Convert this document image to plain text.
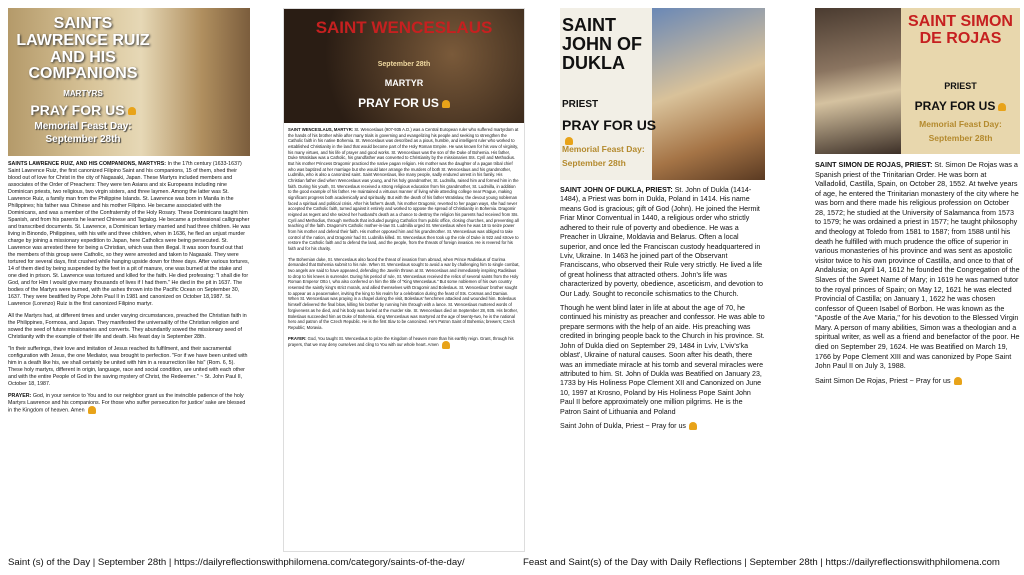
SAINTS LAWRENCE RUIZ AND HIS COMPANIONS
MARTYRS
PRAY FOR US
Memorial Feast Day:
September 28th

SAINTS LAWRENCE RUIZ, AND HIS COMPANIONS, MARTYRS: In the 17th century (1633-1637) Saint Lawrence Ruiz, the first canonized Filipino Saint and his companions, 15 of them, shed their blood out of love for Christ in the city of Nagasaki, Japan. These Martyrs included members and associates of the Order of Preachers: They were ten Asians and six Europeans including nine Dominican priests, two religious, two virgin sisters, and three laymen. Among the latter was St. Lawrence Ruiz, a family man from the Philippine Islands. St. Lawrence was born in Manila in the Philippines; his father was Chinese and his mother Filipino. He became associated with the Dominicans, and was a member of the Confraternity of the Holy Rosary. These Dominicans taught him Spanish, and from his parents he learned Chinese and Tagalog. He became a professional calligrapher and transcribed documents. St. Lawrence, a Dominican tertiary married and had three children. He was living in Binondo, Philippines, with his wife and three children, when in 1636, he fled an unjust murder charge by joining a missionary expedition to Japan, here Catholics were being persecuted. St. Lawrence was arrested there for being a Christian, which was then illegal. It was soon found out that the members of this group were Catholic, so they were arrested and taken to Nagasaki. They were tortured for several days, first crushed while hanging upside down for three days. After various tortures, 14 of them died by being suspended by the feet in a pit of manure, one was burned at the stake and one died in prison. St. Lawrence was tortured and killed for the faith. He died professing: "I shall die for God, and for Him I would give many thousands of lives if I had them." He died in the pit in 1637. The bodies of the Martyrs were burned, with the ashes thrown into the Pacific Ocean on September 30, 1637. They were beatified by Pope John Paul II in 1981 and canonized on October 18,1987. St. Lawrence (Lorenzo) Ruiz is the first canonized Filipino martyr.

All the Martyrs had, at different times and under varying circumstances, preached the Christian faith in the Philippines, Formosa, and Japan. They manifested the universality of the Christian religion and sowed the seed of future missionaries and converts. They abundantly sowed the missionary seed of Christianity with the example of their life and death. His feast day is September 28th.

"In their sufferings, their love and imitation of Jesus reached its fulfilment, and their sacramental configuration with Jesus, the one Mediator, was brought to perfection. "For if we have been united with him in a death like his, we shall certainly be united with him in a resurrection like his" (Rom. 6, 5). These holy martyrs, different in origin, language, race and social condition, are united with each other and with the entire People of God in the saving mystery of Christ, the Redeemer." ~ St. John Paul II, October 18, 1987.

PRAYER: God, in your service to You and to our neighbor grant us the invincible patience of the holy Martyrs Lawrence and his companions. For those who suffer persecution for justice' sake are blessed in the Kingdom of heaven. Amen

SAINT WENCESLAUS
September 28th
MARTYR
PRAY FOR US

SAINT WENCESLAUS, MARTYR: St. Wenceslaus (907-935 A.D.) was a Central European ruler who suffered martyrdom at the hands of his brother while after many trials in governing and evangelizing his people and seeking to strengthen the Catholic faith in his native Bohemia. St. Wenceslaus was described as a pious, humble, and intelligent ruler who worked to established Christianity in the land that would become part of the Holy Roman Empire. He was known for his vow of virginity, his many virtues, and his life of prayer and good works. St. Wenceslaus was the son of the Duke of Bohemia. His father, Duke Wratislaw was a Catholic, his grandfather was converted to Christianity by the missionaries Sts. Cyril and Methodius. But his mother Princess Dragomir practiced the native pagan religion. His mother was the daughter of a pagan tribal chief who was baptized at her marriage but she would later arrange the murders of both St. Wenceslaus and his grandmother, Ludmilla, who is also a canonized saint. Saint Wenceslaus, like many people, sadly endured unrest in his family. His Christian father died when Wenceslaus was young, and his holy grandmother, St. Ludmilla, raised him and formed him in the faith. During his youth, St. Wenceslaus received a strong religious education from his grandmother, St. Ludmilla, in addition to the good example of his father. He maintained a virtuous manner of living while attending college near Prague, making significant progress both academically and spiritually. But with the death of his father Wratislaw, the devout young nobleman faced a spiritual and political crisis. After his father's death, his mother Dragomir, reverted to her pagan ways, she had never accepted the Catholic faith, turned against it entirely and worked to oppose the spread of Christianity in Bohemia. Dragomir reigned as regent and she seized her husband's death as a chance to destroy the religion his parents had received from Sts. Cyril and Methodius, through methods that included purging Catholics from public office, closing churches, and preventing all teaching of the faith. Dragomir's Catholic mother-in-law St. Ludmilla urged St. Wenceslaus when he was 18 to seize power from his mother and defend their faith. His mother opposed him and his grandmother. St. Wenceslaus was obliged to take control of the nation, and Dragomir had St. Ludmilla killed. St. Wenceslaus then took up the role of Duke in 922 and strove to restore the Catholic faith and to defend the land, and the people, from the threats of foreign invasion. He is revered for his faith and for his charity.

The Bohemian duke, St. Wenceslaus also faced the threat of invasion from abroad, when Prince Radislaus of Gurima demanded that Bohemia submit to his rule. When St. Wenceslaus sought to avoid a war by challenging him to single combat, two angels are said to have appeared, defending the Javelin thrown at St. Wenceslaus and immediately inspiring Radislaus to drop to his knees in surrender. During his period of rule, St. Wenceslaus received the relics of several saints from the Holy Roman Emperor Otto I, who also conferred on him the title of "King Wenceslaus." But some noblemen of his own country resented the saintly king's strict morals, and allied themselves with Dragomir and Boleslaus. St. Wenceslaus' brother sought to appear as a peacemaker, inviting the king to his realm for a celebration during the feast of Sts. Cosmas and Damian. When St. Wenceslaus was praying in a chapel during the visit, Boleslaus' henchmen attacked and wounded him. Boleslaus himself delivered the final blow, killing his brother by running him through with a lance. St. Wenceslaus muttered words of forgiveness as he died, and his body was buried at the murder site. St. Wenceslaus died on September 28, 935. His brother, Boleslaus succeeded him as Duke of Bohemia. King Wenceslaus was martyred at the age of twenty-two, he is the national hero and patron of the Czech Republic. He is the first Slav to be canonized. He's Patron Saint of Bohemia; brewers; Czech Republic; Moravia.

PRAYER: God, You taught St. Wenceslaus to prize the Kingdom of heaven more than his earthly reign. Grant, through his prayers, that we may deny ourselves and cling to You with our whole heart. Amen

SAINT JOHN OF DUKLA
PRIEST
PRAY FOR US
Memorial Feast Day:
September 28th

SAINT JOHN OF DUKLA, PRIEST: St. John of Dukla (1414- 1484), a Priest was born in Dukla, Poland in 1414. His name means God is gracious; gift of God (John). He joined the Hermit Friar Minor Conventual in 1440, a religious order who strictly adhered to their rule of poverty and obedience. He was a Preacher in Ukraine, Moldavia and Belarus. Often a local superior, and once led the Franciscan custody headquartered in Lviv, Ukraine. In 1463 he joined part of the Observant Franciscans, who observed their Rule very strictly. He lived a life of great holiness that attracted others. John's life was characterized by poverty, obedience, asceticism, and devotion to Our Lady. Sought to reconcile schismatics to the Church.

Though he went blind later in life at about the age of 70, he continued his ministry as preacher and confessor. He was able to prepare sermons with the help of an aide. His preaching was credited in bringing people back to the Church in his province. St. John of Dukla died on September 29, 1484 in Lviv, L'viv's'ka oblast', Ukraine of natural causes. Soon after his death, there was an immediate miracle at his tomb and several miracles were attributed to him. St. John of Dukla was Beatified on January 23, 1733 by His Holiness Pope Clement XII and Canonized on June 10, 1997 at Krosno, Poland by His Holiness Pope Saint John Paul II before approximately one million pilgrims. He is the Patron Saint of Lithuania and Poland

Saint John of Dukla, Priest ~ Pray for us

SAINT SIMON DE ROJAS
PRIEST
PRAY FOR US
Memorial Feast Day:
September 28th

SAINT SIMON DE ROJAS, PRIEST: St. Simon De Rojas was a Spanish priest of the Trinitarian Order. He was born at Valladolid, Castilla, Spain, on October 28, 1552. At twelve years of age, he entered the Trinitarian monastery of the city where he was born and there made his religious profession on October 28, 1572; he studied at the University of Salamanca from 1573 to 1579; he was ordained a priest in 1577; he taught philosophy and theology at Toledo from 1581 to 1587; from 1588 until his death he fulfilled with much prudence the office of superior in various monasteries of his province and was sent as apostolic visitor twice to his own province of Castilla, and once to that of Andalusia; on April 14, 1612 he founded the Congregation of the Slaves of the Sweet Name of Mary; in 1619 he was named tutor to the royal princes of Spain; on May 12, 1621 he was elected Provincial of Castilla; on January 1, 1622 he was chosen confessor of Queen Isabel of Borbon. He was known as the "Apostle of the Ave Maria," for his devotion to the Blessed Virgin Mary. A person of many abilities, Simon was a theologian and a spiritual writer, as well as a friend and benefactor of the poor. He died on September 29, 1624. He was Beatified on March 19, 1766 by Pope Clement XIII and was canonized by Pope Saint John Paul II on July 3, 1988.

Saint Simon De Rojas, Priest ~ Pray for us

Saint (s) of the Day | September 28th | https://dailyreflectionswithphilomena.com/category/saints-of-the-day/	Feast and Saint(s) of the Day with Daily Reflections | September 28th | https://dailyreflectionswithphilomena.com
